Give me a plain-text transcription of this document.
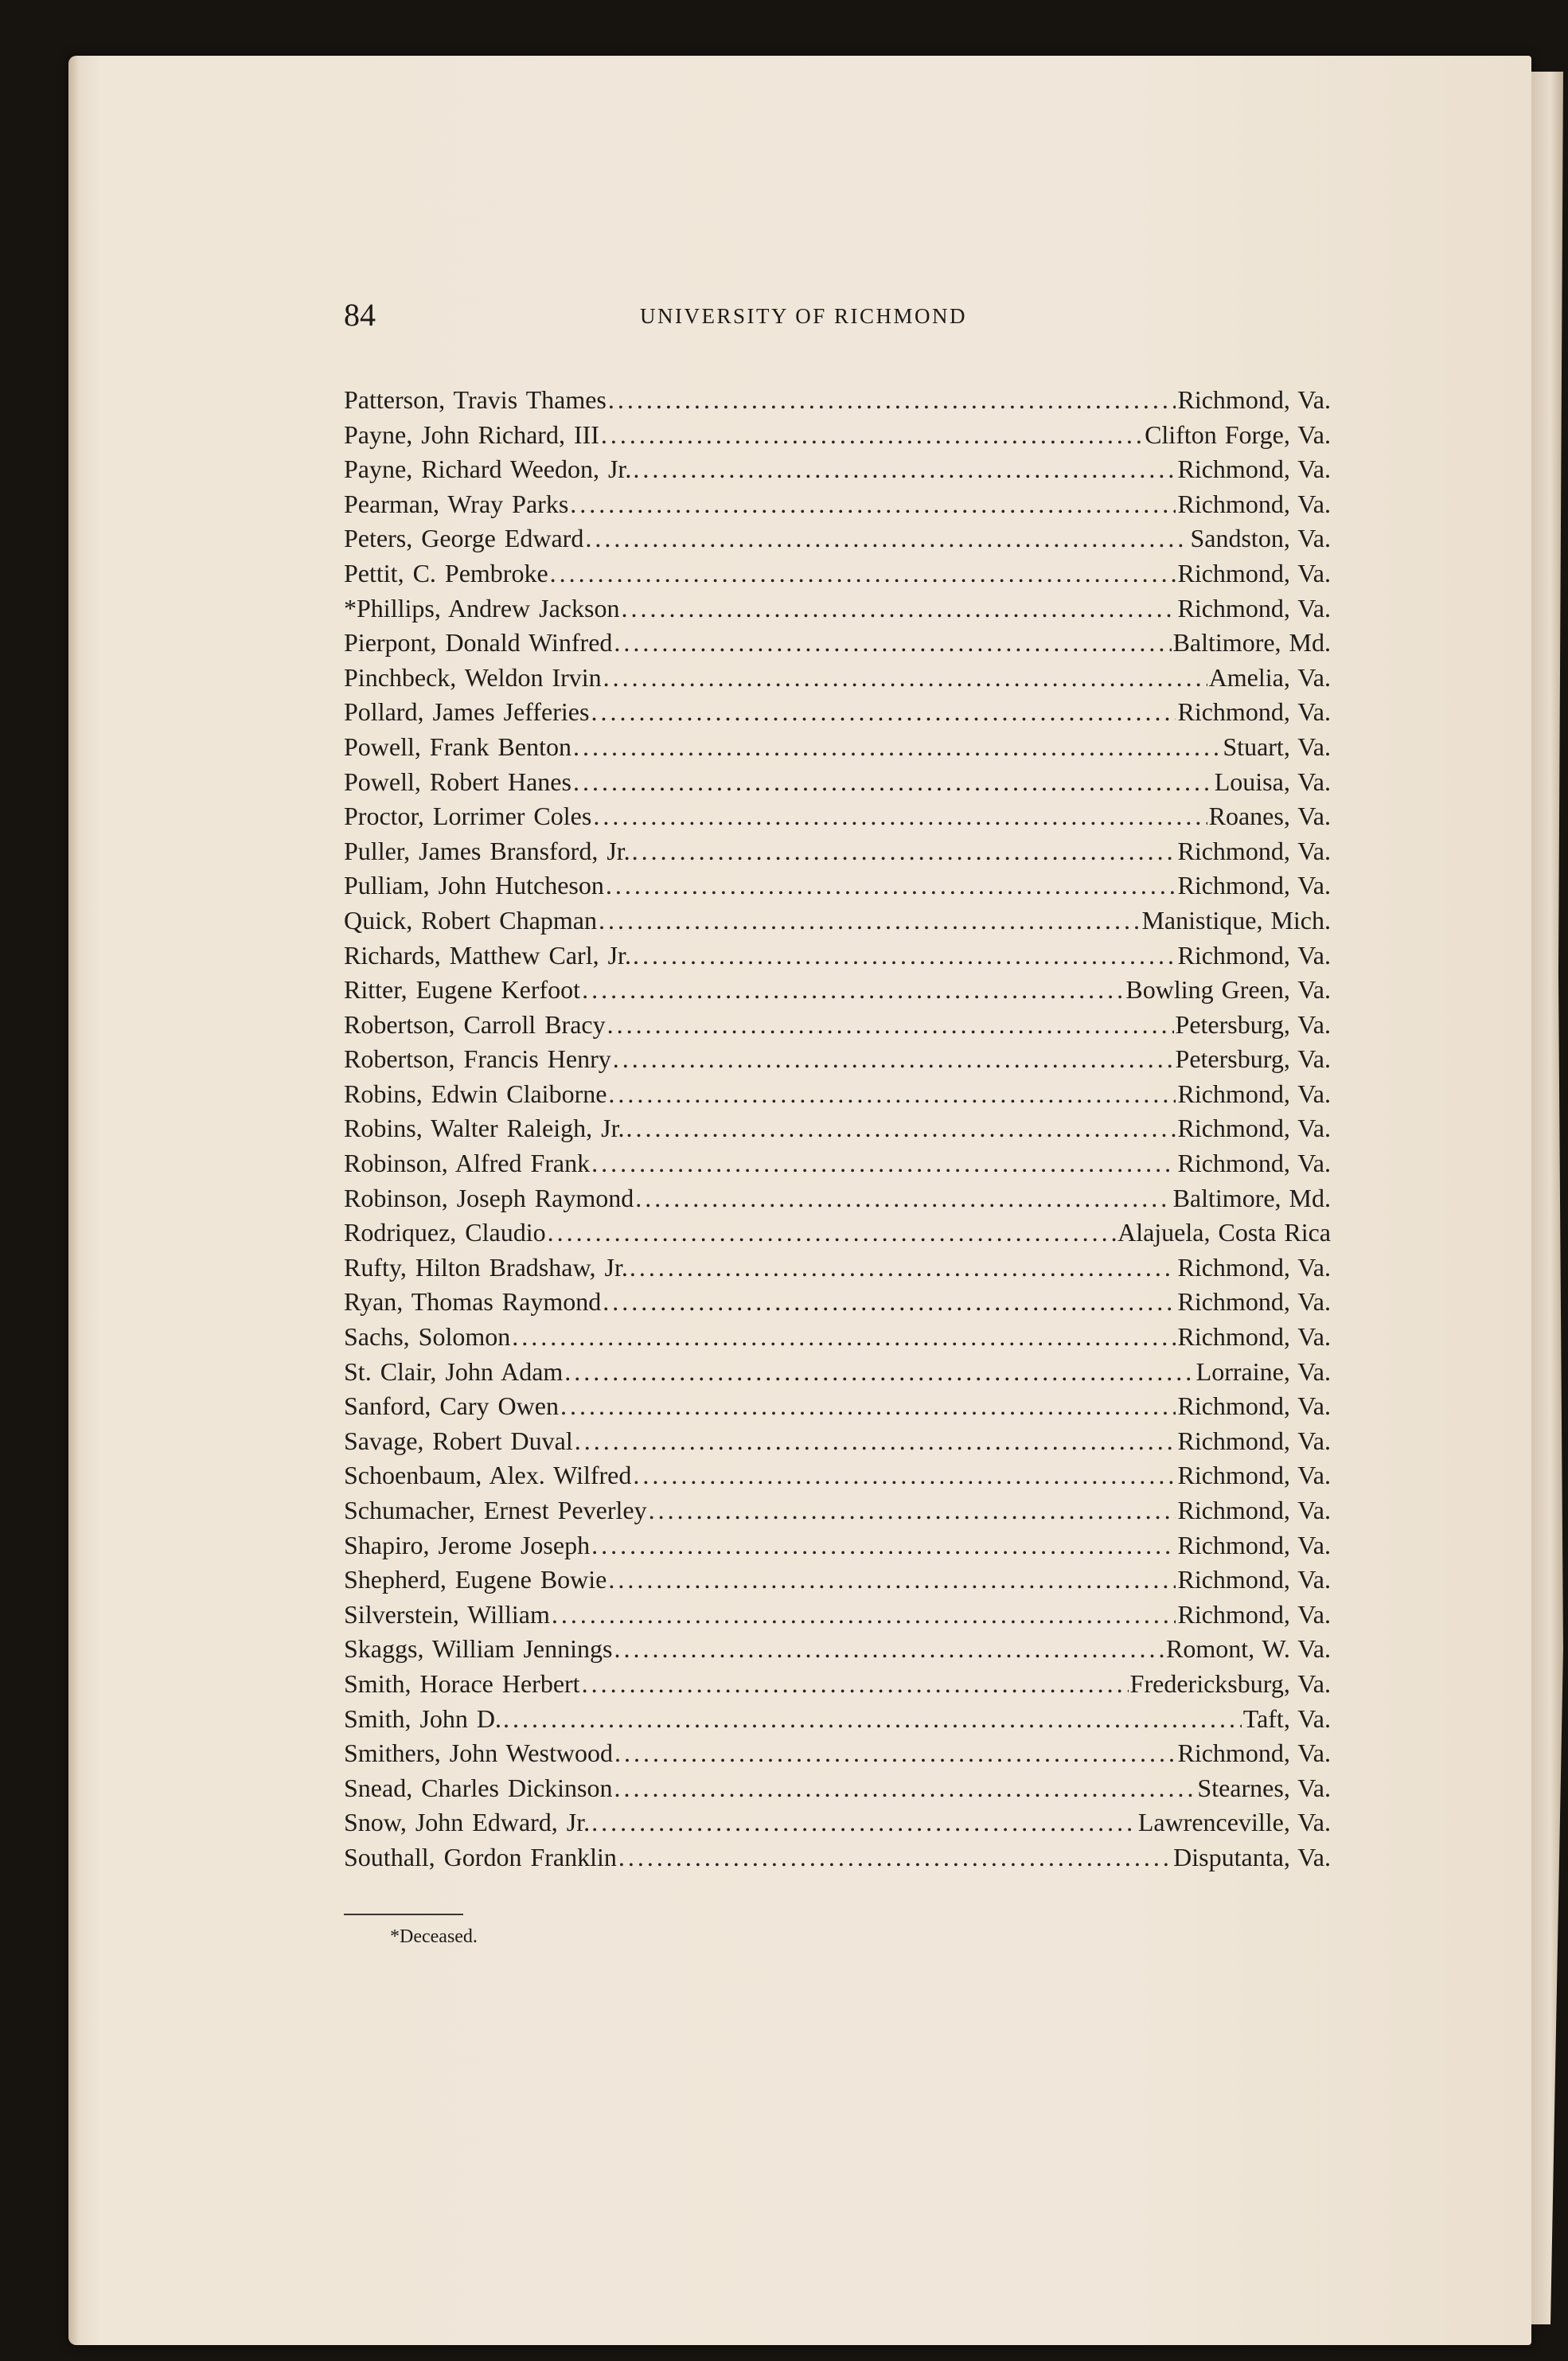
84	UNIVERSITY OF RICHMOND
Patterson, Travis Thames .....	Richmond, Va.
Payne, John Richard, III .....	Clifton Forge, Va.
Payne, Richard Weedon, Jr. .....	Richmond, Va.
Pearman, Wray Parks .....	Richmond, Va.
Peters, George Edward .....	Sandston, Va.
Pettit, C. Pembroke .....	Richmond, Va.
*Phillips, Andrew Jackson .....	Richmond, Va.
Pierpont, Donald Winfred .....	Baltimore, Md.
Pinchbeck, Weldon Irvin .....	Amelia, Va.
Pollard, James Jefferies .....	Richmond, Va.
Powell, Frank Benton .....	Stuart, Va.
Powell, Robert Hanes .....	Louisa, Va.
Proctor, Lorrimer Coles .....	Roanes, Va.
Puller, James Bransford, Jr. .....	Richmond, Va.
Pulliam, John Hutcheson .....	Richmond, Va.
Quick, Robert Chapman .....	Manistique, Mich.
Richards, Matthew Carl, Jr. .....	Richmond, Va.
Ritter, Eugene Kerfoot .....	Bowling Green, Va.
Robertson, Carroll Bracy .....	Petersburg, Va.
Robertson, Francis Henry .....	Petersburg, Va.
Robins, Edwin Claiborne .....	Richmond, Va.
Robins, Walter Raleigh, Jr. .....	Richmond, Va.
Robinson, Alfred Frank .....	Richmond, Va.
Robinson, Joseph Raymond .....	Baltimore, Md.
Rodriquez, Claudio .....	Alajuela, Costa Rica
Rufty, Hilton Bradshaw, Jr. .....	Richmond, Va.
Ryan, Thomas Raymond .....	Richmond, Va.
Sachs, Solomon .....	Richmond, Va.
St. Clair, John Adam .....	Lorraine, Va.
Sanford, Cary Owen .....	Richmond, Va.
Savage, Robert Duval .....	Richmond, Va.
Schoenbaum, Alex. Wilfred .....	Richmond, Va.
Schumacher, Ernest Peverley .....	Richmond, Va.
Shapiro, Jerome Joseph .....	Richmond, Va.
Shepherd, Eugene Bowie .....	Richmond, Va.
Silverstein, William .....	Richmond, Va.
Skaggs, William Jennings .....	Romont, W. Va.
Smith, Horace Herbert .....	Fredericksburg, Va.
Smith, John D. .....	Taft, Va.
Smithers, John Westwood .....	Richmond, Va.
Snead, Charles Dickinson .....	Stearnes, Va.
Snow, John Edward, Jr. .....	Lawrenceville, Va.
Southall, Gordon Franklin .....	Disputanta, Va.
*Deceased.
